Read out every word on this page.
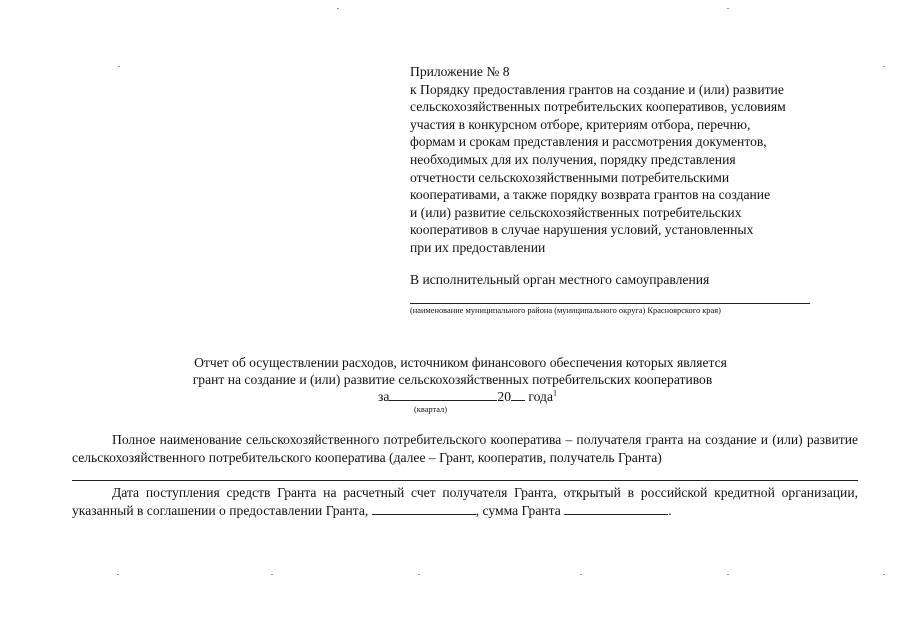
Приложение № 8
к Порядку предоставления грантов на создание и (или) развитие
сельскохозяйственных потребительских кооперативов, условиям
участия в конкурсном отборе, критериям отбора, перечню,
формам и срокам представления и рассмотрения документов,
необходимых для их получения, порядку представления
отчетности сельскохозяйственными потребительскими
кооперативами, а также порядку возврата грантов на создание
и (или) развитие сельскохозяйственных потребительских
кооперативов в случае нарушения условий, установленных
при их предоставлении
В исполнительный орган местного самоуправления
(наименование муниципального района (муниципального округа) Красноярского края)
Отчет об осуществлении расходов, источником финансового обеспечения которых является
грант на создание и (или) развитие сельскохозяйственных потребительских кооперативов
за	20 года$^1$
(квартал)
Полное наименование сельскохозяйственного потребительского кооператива – получателя гранта на создание и (или) развитие сельскохозяйственного потребительского кооператива (далее – Грант, кооператив, получатель Гранта)
Дата поступления средств Гранта на расчетный счет получателя Гранта, открытый в российской кредитной организации, указанный в соглашении о предоставлении Гранта,	, сумма Гранта	.
